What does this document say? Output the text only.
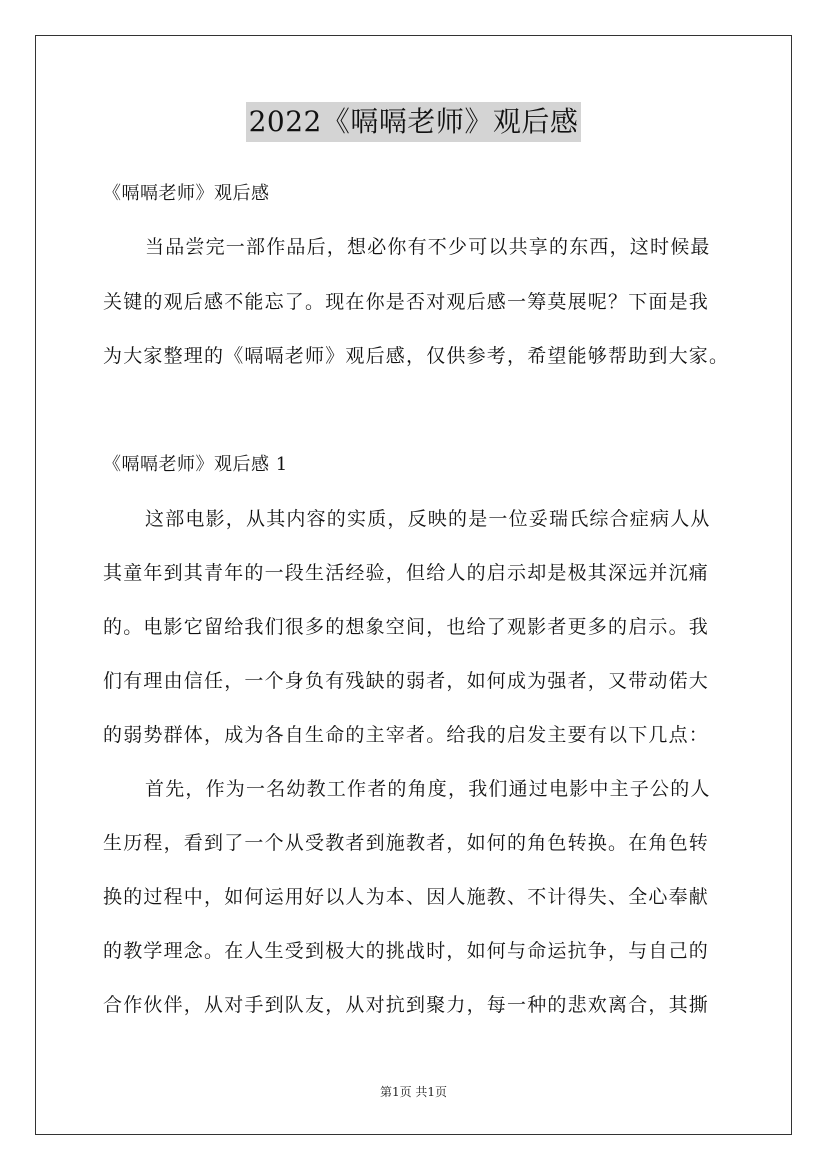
2022《嗝嗝老师》观后感
《嗝嗝老师》观后感
当品尝完一部作品后，想必你有不少可以共享的东西，这时候最
关键的观后感不能忘了。现在你是否对观后感一筹莫展呢？下面是我
为大家整理的《嗝嗝老师》观后感，仅供参考，希望能够帮助到大家。
《嗝嗝老师》观后感 1
这部电影，从其内容的实质，反映的是一位妥瑞氏综合症病人从
其童年到其青年的一段生活经验，但给人的启示却是极其深远并沉痛
的。电影它留给我们很多的想象空间，也给了观影者更多的启示。我
们有理由信任，一个身负有残缺的弱者，如何成为强者，又带动偌大
的弱势群体，成为各自生命的主宰者。给我的启发主要有以下几点：
首先，作为一名幼教工作者的角度，我们通过电影中主子公的人
生历程，看到了一个从受教者到施教者，如何的角色转换。在角色转
换的过程中，如何运用好以人为本、因人施教、不计得失、全心奉献
的教学理念。在人生受到极大的挑战时，如何与命运抗争，与自己的
合作伙伴，从对手到队友，从对抗到聚力，每一种的悲欢离合，其撕
第1页 共1页
